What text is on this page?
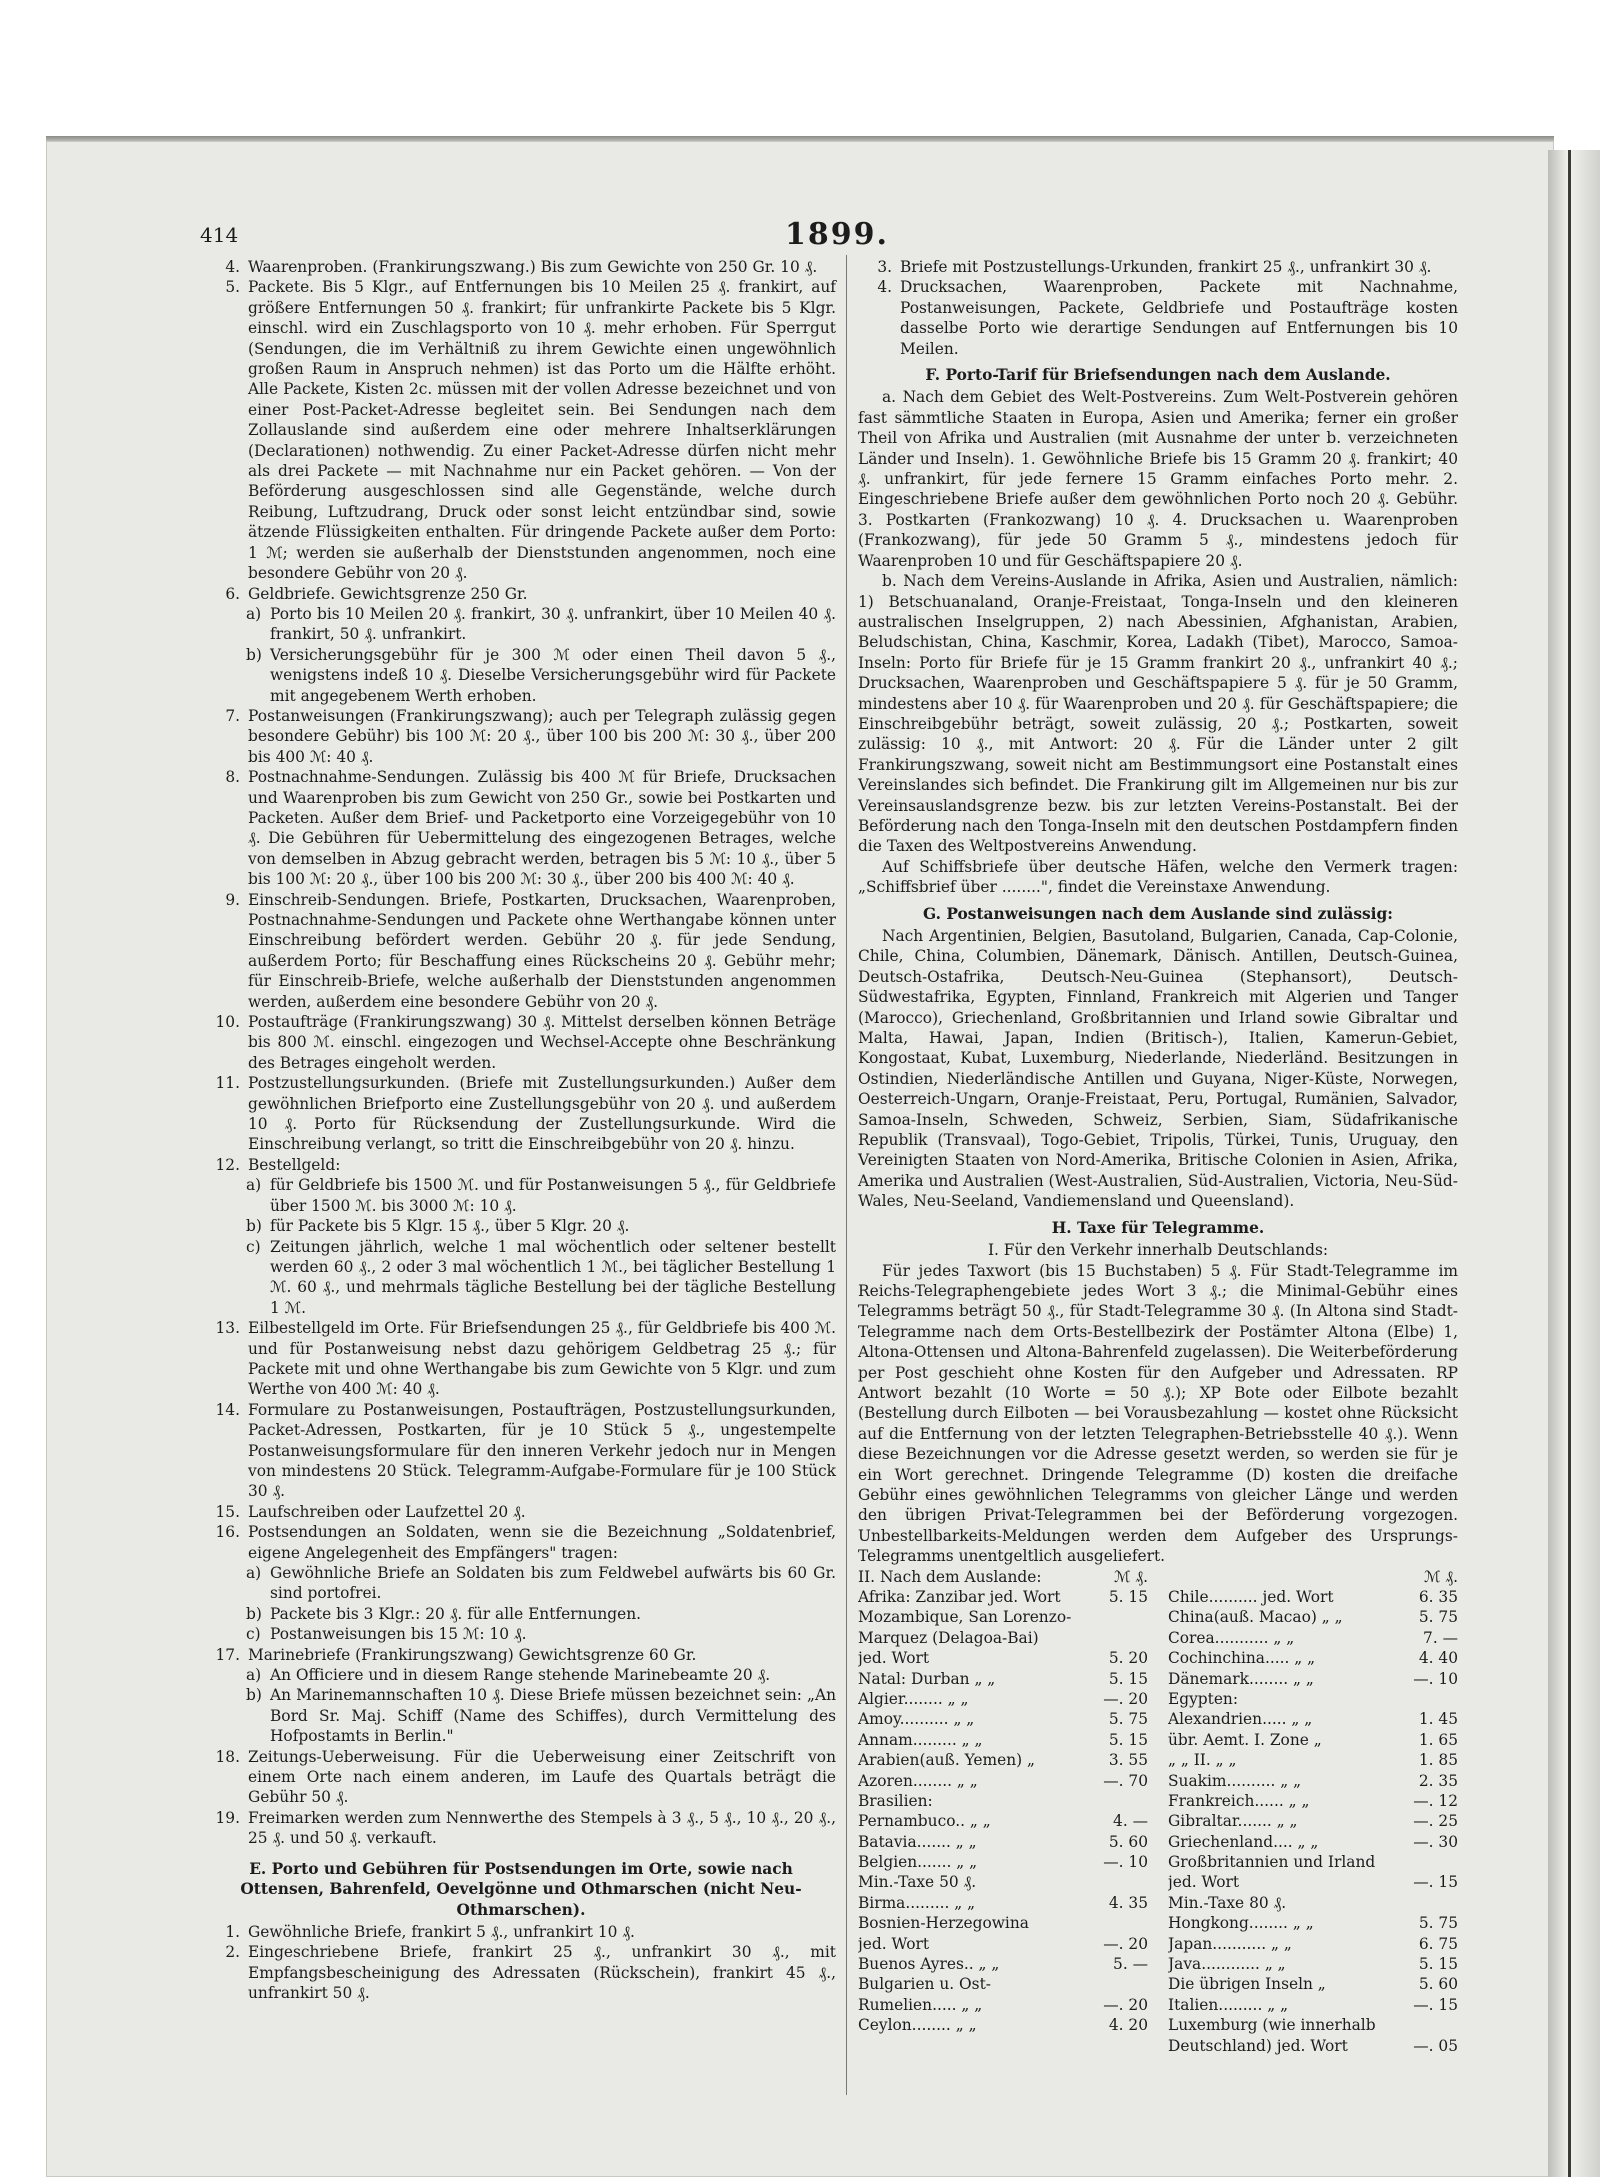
414	1899.
4. Waarenproben. (Frankirungszwang.) Bis zum Gewichte von 250 Gr. 10 ₰.
5. Packete. Bis 5 Klgr., auf Entfernungen bis 10 Meilen 25 ₰. frankirt, auf größere Entfernungen 50 ₰. frankirt; für unfrankirte Packete bis 5 Klgr. einschl. wird ein Zuschlagsporto von 10 ₰. mehr erhoben. Für Sperrgut (Sendungen, die im Verhältniß zu ihrem Gewichte einen ungewöhnlich großen Raum in Anspruch nehmen) ist das Porto um die Hälfte erhöht. Alle Packete, Kisten 2c. müssen mit der vollen Adresse bezeichnet und von einer Post-Packet-Adresse begleitet sein. Bei Sendungen nach dem Zollauslande sind außerdem eine oder mehrere Inhaltserklärungen (Declarationen) nothwendig. Zu einer Packet-Adresse dürfen nicht mehr als drei Packete — mit Nachnahme nur ein Packet gehören. — Von der Beförderung ausgeschlossen sind alle Gegenstände, welche durch Reibung, Luftzudrang, Druck oder sonst leicht entzündbar sind, sowie ätzende Flüssigkeiten enthalten. Für dringende Packete außer dem Porto: 1 ℳ; werden sie außerhalb der Dienststunden angenommen, noch eine besondere Gebühr von 20 ₰.
6. Geldbriefe. Gewichtsgrenze 250 Gr.
a) Porto bis 10 Meilen 20 ₰. frankirt, 30 ₰. unfrankirt, über 10 Meilen 40 ₰. frankirt, 50 ₰. unfrankirt.
b) Versicherungsgebühr für je 300 ℳ oder einen Theil davon 5 ₰., wenigstens indeß 10 ₰. Dieselbe Versicherungsgebühr wird für Packete mit angegebenem Werth erhoben.
7. Postanweisungen (Frankirungszwang); auch per Telegraph zulässig gegen besondere Gebühr) bis 100 ℳ: 20 ₰., über 100 bis 200 ℳ: 30 ₰., über 200 bis 400 ℳ: 40 ₰.
8. Postnachnahme-Sendungen. Zulässig bis 400 ℳ für Briefe, Drucksachen und Waarenproben bis zum Gewicht von 250 Gr., sowie bei Postkarten und Packeten. Außer dem Brief- und Packetporto eine Vorzeigegebühr von 10 ₰. Die Gebühren für Uebermittelung des eingezogenen Betrages, welche von demselben in Abzug gebracht werden, betragen bis 5 ℳ: 10 ₰., über 5 bis 100 ℳ: 20 ₰., über 100 bis 200 ℳ: 30 ₰., über 200 bis 400 ℳ: 40 ₰.
9. Einschreib-Sendungen. Briefe, Postkarten, Drucksachen, Waarenproben, Postnachnahme-Sendungen und Packete ohne Werthangabe können unter Einschreibung befördert werden. Gebühr 20 ₰. für jede Sendung, außerdem Porto; für Beschaffung eines Rückscheins 20 ₰. Gebühr mehr; für Einschreib-Briefe, welche außerhalb der Dienststunden angenommen werden, außerdem eine besondere Gebühr von 20 ₰.
10. Postaufträge (Frankirungszwang) 30 ₰. Mittelst derselben können Beträge bis 800 ℳ. einschl. eingezogen und Wechsel-Accepte ohne Beschränkung des Betrages eingeholt werden.
11. Postzustellungsurkunden. (Briefe mit Zustellungsurkunden.) Außer dem gewöhnlichen Briefporto eine Zustellungsgebühr von 20 ₰. und außerdem 10 ₰. Porto für Rücksendung der Zustellungsurkunde. Wird die Einschreibung verlangt, so tritt die Einschreibgebühr von 20 ₰. hinzu.
12. Bestellgeld:
a) für Geldbriefe bis 1500 ℳ. und für Postanweisungen 5 ₰., für Geldbriefe über 1500 ℳ. bis 3000 ℳ: 10 ₰.
b) für Packete bis 5 Klgr. 15 ₰., über 5 Klgr. 20 ₰.
c) Zeitungen jährlich, welche 1 mal wöchentlich oder seltener bestellt werden 60 ₰., 2 oder 3 mal wöchentlich 1 ℳ., bei täglicher Bestellung 1 ℳ. 60 ₰., und mehrmals tägliche Bestellung bei der tägliche Bestellung 1 ℳ.
13. Eilbestellgeld im Orte. Für Briefsendungen 25 ₰., für Geldbriefe bis 400 ℳ. und für Postanweisung nebst dazu gehörigem Geldbetrag 25 ₰.; für Packete mit und ohne Werthangabe bis zum Gewichte von 5 Klgr. und zum Werthe von 400 ℳ: 40 ₰.
14. Formulare zu Postanweisungen, Postaufträgen, Postzustellungsurkunden, Packet-Adressen, Postkarten, für je 10 Stück 5 ₰., ungestempelte Postanweisungsformulare für den inneren Verkehr jedoch nur in Mengen von mindestens 20 Stück. Telegramm-Aufgabe-Formulare für je 100 Stück 30 ₰.
15. Laufschreiben oder Laufzettel 20 ₰.
16. Postsendungen an Soldaten, wenn sie die Bezeichnung „Soldatenbrief, eigene Angelegenheit des Empfängers" tragen:
a) Gewöhnliche Briefe an Soldaten bis zum Feldwebel aufwärts bis 60 Gr. sind portofrei.
b) Packete bis 3 Klgr.: 20 ₰. für alle Entfernungen.
c) Postanweisungen bis 15 ℳ: 10 ₰.
17. Marinebriefe (Frankirungszwang) Gewichtsgrenze 60 Gr.
a) An Officiere und in diesem Range stehende Marinebeamte 20 ₰.
b) An Marinemannschaften 10 ₰. Diese Briefe müssen bezeichnet sein: „An Bord Sr. Maj. Schiff (Name des Schiffes), durch Vermittelung des Hofpostamts in Berlin."
18. Zeitungs-Ueberweisung. Für die Ueberweisung einer Zeitschrift von einem Orte nach einem anderen, im Laufe des Quartals beträgt die Gebühr 50 ₰.
19. Freimarken werden zum Nennwerthe des Stempels à 3 ₰., 5 ₰., 10 ₰., 20 ₰., 25 ₰. und 50 ₰. verkauft.
E. Porto und Gebühren für Postsendungen im Orte, sowie nach Ottensen, Bahrenfeld, Oevelgönne und Othmarschen (nicht Neu-Othmarschen).
1. Gewöhnliche Briefe, frankirt 5 ₰., unfrankirt 10 ₰.
2. Eingeschriebene Briefe, frankirt 25 ₰., unfrankirt 30 ₰., mit Empfangsbescheinigung des Adressaten (Rückschein), frankirt 45 ₰., unfrankirt 50 ₰.
3. Briefe mit Postzustellungs-Urkunden, frankirt 25 ₰., unfrankirt 30 ₰.
4. Drucksachen, Waarenproben, Packete mit Nachnahme, Postanweisungen, Packete, Geldbriefe und Postaufträge kosten dasselbe Porto wie derartige Sendungen auf Entfernungen bis 10 Meilen.
F. Porto-Tarif für Briefsendungen nach dem Auslande.

a. Nach dem Gebiet des Welt-Postvereins. Zum Welt-Postverein gehören fast sämmtliche Staaten in Europa, Asien und Amerika; ferner ein großer Theil von Afrika und Australien (mit Ausnahme der unter b. verzeichneten Länder und Inseln). 1. Gewöhnliche Briefe bis 15 Gramm 20 ₰. frankirt; 40 ₰. unfrankirt, für jede fernere 15 Gramm einfaches Porto mehr. 2. Eingeschriebene Briefe außer dem gewöhnlichen Porto noch 20 ₰. Gebühr. 3. Postkarten (Frankozwang) 10 ₰. 4. Drucksachen u. Waarenproben (Frankozwang), für jede 50 Gramm 5 ₰., mindestens jedoch für Waarenproben 10 und für Geschäftspapiere 20 ₰.

b. Nach dem Vereins-Auslande in Afrika, Asien und Australien, nämlich: 1) Betschuanaland, Oranje-Freistaat, Tonga-Inseln und den kleineren australischen Inselgruppen, 2) nach Abessinien, Afghanistan, Arabien, Beludschistan, China, Kaschmir, Korea, Ladakh (Tibet), Marocco, Samoa-Inseln: Porto für Briefe für je 15 Gramm frankirt 20 ₰., unfrankirt 40 ₰.; Drucksachen, Waarenproben und Geschäftspapiere 5 ₰. für je 50 Gramm, mindestens aber 10 ₰. für Waarenproben und 20 ₰. für Geschäftspapiere; die Einschreibgebühr beträgt, soweit zulässig, 20 ₰.; Postkarten, soweit zulässig: 10 ₰., mit Antwort: 20 ₰. Für die Länder unter 2 gilt Frankirungszwang, soweit nicht am Bestimmungsort eine Postanstalt eines Vereinslandes sich befindet. Die Frankirung gilt im Allgemeinen nur bis zur Vereinsauslandsgrenze bezw. bis zur letzten Vereins-Postanstalt. Bei der Beförderung nach den Tonga-Inseln mit den deutschen Postdampfern finden die Taxen des Weltpostvereins Anwendung.

Auf Schiffsbriefe über deutsche Häfen, welche den Vermerk tragen: „Schiffsbrief über ........", findet die Vereinstaxe Anwendung.

G. Postanweisungen nach dem Auslande sind zulässig:

Nach Argentinien, Belgien, Basutoland, Bulgarien, Canada, Cap-Colonie, Chile, China, Columbien, Dänemark, Dänisch. Antillen, Deutsch-Guinea, Deutsch-Ostafrika, Deutsch-Neu-Guinea (Stephansort), Deutsch-Südwestafrika, Egypten, Finnland, Frankreich mit Algerien und Tanger (Marocco), Griechenland, Großbritannien und Irland sowie Gibraltar und Malta, Hawai, Japan, Indien (Britisch-), Italien, Kamerun-Gebiet, Kongostaat, Kubat, Luxemburg, Niederlande, Niederländ. Besitzungen in Ostindien, Niederländische Antillen und Guyana, Niger-Küste, Norwegen, Oesterreich-Ungarn, Oranje-Freistaat, Peru, Portugal, Rumänien, Salvador, Samoa-Inseln, Schweden, Schweiz, Serbien, Siam, Südafrikanische Republik (Transvaal), Togo-Gebiet, Tripolis, Türkei, Tunis, Uruguay, den Vereinigten Staaten von Nord-Amerika, Britische Colonien in Asien, Afrika, Amerika und Australien (West-Australien, Süd-Australien, Victoria, Neu-Süd-Wales, Neu-Seeland, Vandiemensland und Queensland).

H. Taxe für Telegramme.
I. Für den Verkehr innerhalb Deutschlands:

Für jedes Taxwort (bis 15 Buchstaben) 5 ₰. Für Stadt-Telegramme im Reichs-Telegraphengebiete jedes Wort 3 ₰.; die Minimal-Gebühr eines Telegramms beträgt 50 ₰., für Stadt-Telegramme 30 ₰. (In Altona sind Stadt-Telegramme nach dem Orts-Bestellbezirk der Postämter Altona (Elbe) 1, Altona-Ottensen und Altona-Bahrenfeld zugelassen). Die Weiterbeförderung per Post geschieht ohne Kosten für den Aufgeber und Adressaten. RP Antwort bezahlt (10 Worte = 50 ₰.); XP Bote oder Eilbote bezahlt (Bestellung durch Eilboten — bei Vorausbezahlung — kostet ohne Rücksicht auf die Entfernung von der letzten Telegraphen-Betriebsstelle 40 ₰.). Wenn diese Bezeichnungen vor die Adresse gesetzt werden, so werden sie für je ein Wort gerechnet. Dringende Telegramme (D) kosten die dreifache Gebühr eines gewöhnlichen Telegramms von gleicher Länge und werden den übrigen Privat-Telegrammen bei der Beförderung vorgezogen. Unbestellbarkeits-Meldungen werden dem Aufgeber des Ursprungs-Telegramms unentgeltlich ausgeliefert.

II. Nach dem Auslande:	ℳ ₰.
Afrika: Zanzibar jed. Wort	5. 15
Mozambique, San Lorenzo-
Marquez (Delagoa-Bai)
jed. Wort	5. 20
Natal: Durban „ „	5. 15
Algier........ „ „	—. 20
Amoy.......... „ „	5. 75
Annam......... „ „	5. 15
Arabien(auß. Yemen) „	3. 55
Azoren........ „ „	—. 70
Brasilien:
Pernambuco.. „ „	4. —
Batavia....... „ „	5. 60
Belgien....... „ „	—. 10
Min.-Taxe 50 ₰.
Birma......... „ „	4. 35
Bosnien-Herzegowina
jed. Wort	—. 20
Buenos Ayres.. „ „	5. —
Bulgarien u. Ost-
Rumelien..... „ „	—. 20
Ceylon........ „ „	4. 20
ℳ ₰.
Chile.......... jed. Wort	6. 35
China(auß. Macao) „ „	5. 75
Corea........... „ „	7. —
Cochinchina..... „ „	4. 40
Dänemark........ „ „	—. 10
Egypten:
Alexandrien..... „ „	1. 45
übr. Aemt. I. Zone „	1. 65
„ „ II. „ „	1. 85
Suakim.......... „ „	2. 35
Frankreich...... „ „	—. 12
Gibraltar....... „ „	—. 25
Griechenland.... „ „	—. 30
Großbritannien und Irland
jed. Wort	—. 15
Min.-Taxe 80 ₰.
Hongkong........ „ „	5. 75
Japan........... „ „	6. 75
Java............ „ „	5. 15
Die übrigen Inseln „	5. 60
Italien......... „ „	—. 15
Luxemburg (wie innerhalb
Deutschland) jed. Wort	—. 05
